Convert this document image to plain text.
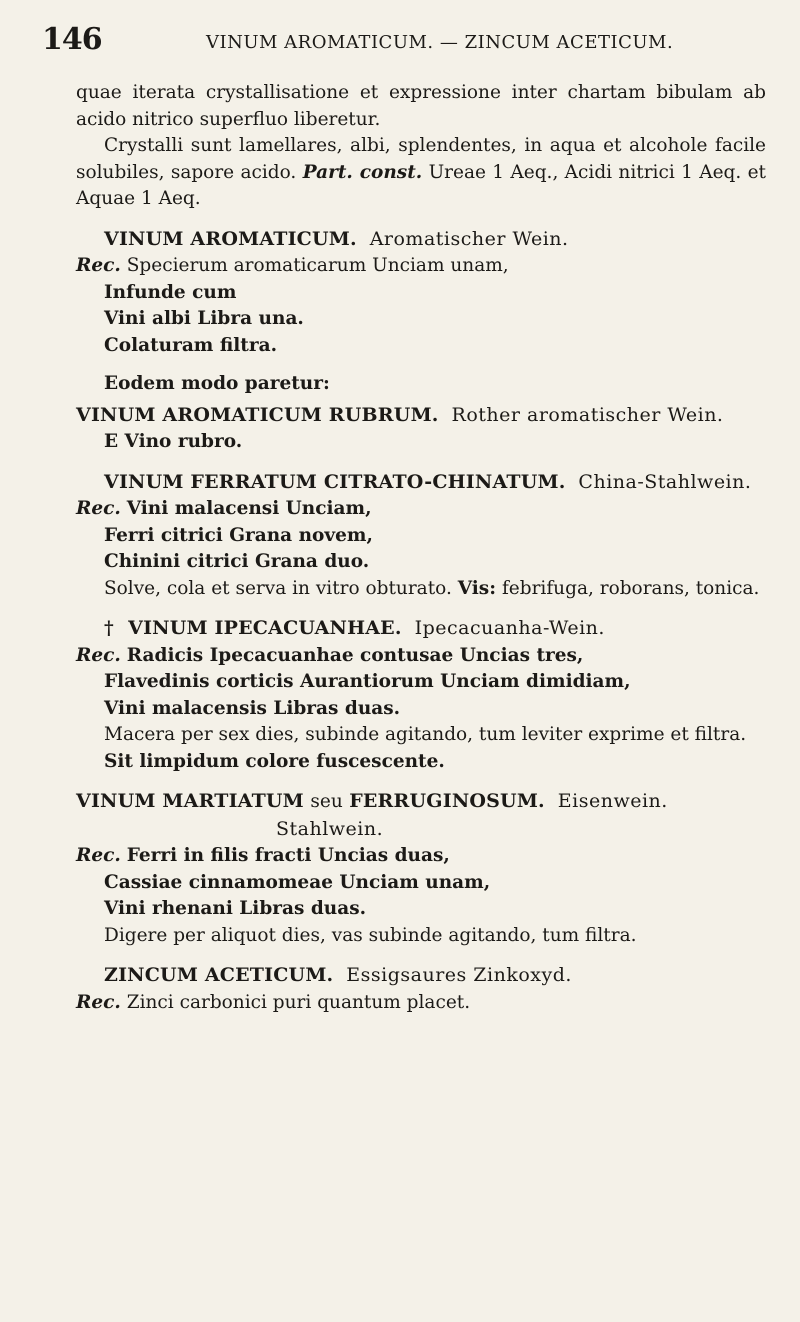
146	VINUM AROMATICUM. — ZINCUM ACETICUM.

quae iterata crystallisatione et expressione inter chartam bibulam ab acido nitrico superfluo liberetur.

Crystalli sunt lamellares, albi, splendentes, in aqua et alcohole facile solubiles, sapore acido. Part. const. Ureae 1 Aeq., Acidi nitrici 1 Aeq. et Aquae 1 Aeq.

VINUM AROMATICUM. Aromatischer Wein.

Rec. Specierum aromaticarum Unciam unam,

Infunde cum

Vini albi Libra una.

Colaturam filtra.

Eodem modo paretur:

VINUM AROMATICUM RUBRUM. Rother aromatischer Wein.

E Vino rubro.

VINUM FERRATUM CITRATO-CHINATUM. China-Stahlwein.

Rec. Vini malacensi Unciam,

Ferri citrici Grana novem,

Chinini citrici Grana duo.

Solve, cola et serva in vitro obturato. Vis: febrifuga, roborans, tonica.

† VINUM IPECACUANHAE. Ipecacuanha-Wein.

Rec. Radicis Ipecacuanhae contusae Uncias tres,

Flavedinis corticis Aurantiorum Unciam dimidiam,

Vini malacensis Libras duas.

Macera per sex dies, subinde agitando, tum leviter exprime et filtra.

Sit limpidum colore fuscescente.

VINUM MARTIATUM seu FERRUGINOSUM. Eisenwein.

Stahlwein.

Rec. Ferri in filis fracti Uncias duas,

Cassiae cinnamomeae Unciam unam,

Vini rhenani Libras duas.

Digere per aliquot dies, vas subinde agitando, tum filtra.

ZINCUM ACETICUM. Essigsaures Zinkoxyd.

Rec. Zinci carbonici puri quantum placet.
